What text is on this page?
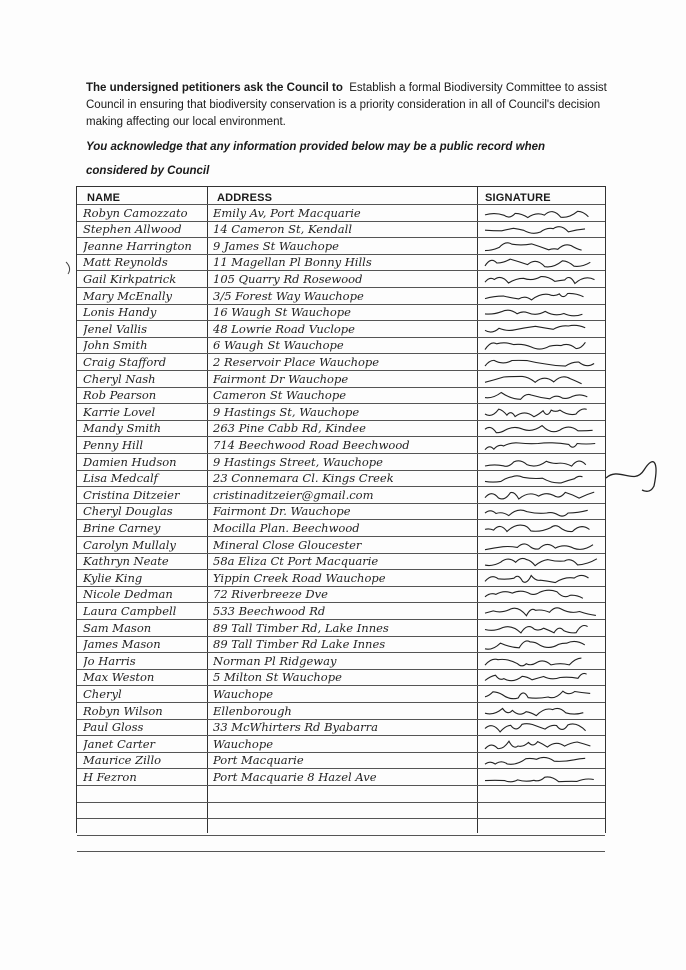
The undersigned petitioners ask the Council to Establish a formal Biodiversity Committee to assist Council in ensuring that biodiversity conservation is a priority consideration in all of Council's decision making affecting our local environment.
You acknowledge that any information provided below may be a public record when
considered by Council
NAME	ADDRESS	SIGNATURE
Robyn Camozzato	Emily Av, Port Macquarie
Stephen Allwood	14 Cameron St, Kendall
Jeanne Harrington	9 James St Wauchope
Matt Reynolds	11 Magellan Pl Bonny Hills
Gail Kirkpatrick	105 Quarry Rd Rosewood
Mary McEnally	3/5 Forest Way Wauchope
Lonis Handy	16 Waugh St Wauchope
Jenel Vallis	48 Lowrie Road Vuclope
John Smith	6 Waugh St Wauchope
Craig Stafford	2 Reservoir Place Wauchope
Cheryl Nash	Fairmont Dr Wauchope
Rob Pearson	Cameron St Wauchope
Karrie Lovel	9 Hastings St, Wauchope
Mandy Smith	263 Pine Cabb Rd, Kindee
Penny Hill	714 Beechwood Road Beechwood
Damien Hudson	9 Hastings Street, Wauchope
Lisa Medcalf	23 Connemara Cl. Kings Creek
Cristina Ditzeier	cristinaditzeier@gmail.com
Cheryl Douglas	Fairmont Dr. Wauchope
Brine Carney	Mocilla Plan. Beechwood
Carolyn Mullaly	Mineral Close Gloucester
Kathryn Neate	58a Eliza Ct Port Macquarie
Kylie King	Yippin Creek Road Wauchope
Nicole Dedman	72 Riverbreeze Dve
Laura Campbell	533 Beechwood Rd
Sam Mason	89 Tall Timber Rd, Lake Innes
James Mason	89 Tall Timber Rd Lake Innes
Jo Harris	Norman Pl Ridgeway
Max Weston	5 Milton St Wauchope
Cheryl	Wauchope
Robyn Wilson	Ellenborough
Paul Gloss	33 McWhirters Rd Byabarra
Janet Carter	Wauchope
Maurice Zillo	Port Macquarie
H Fezron	Port Macquarie 8 Hazel Ave
